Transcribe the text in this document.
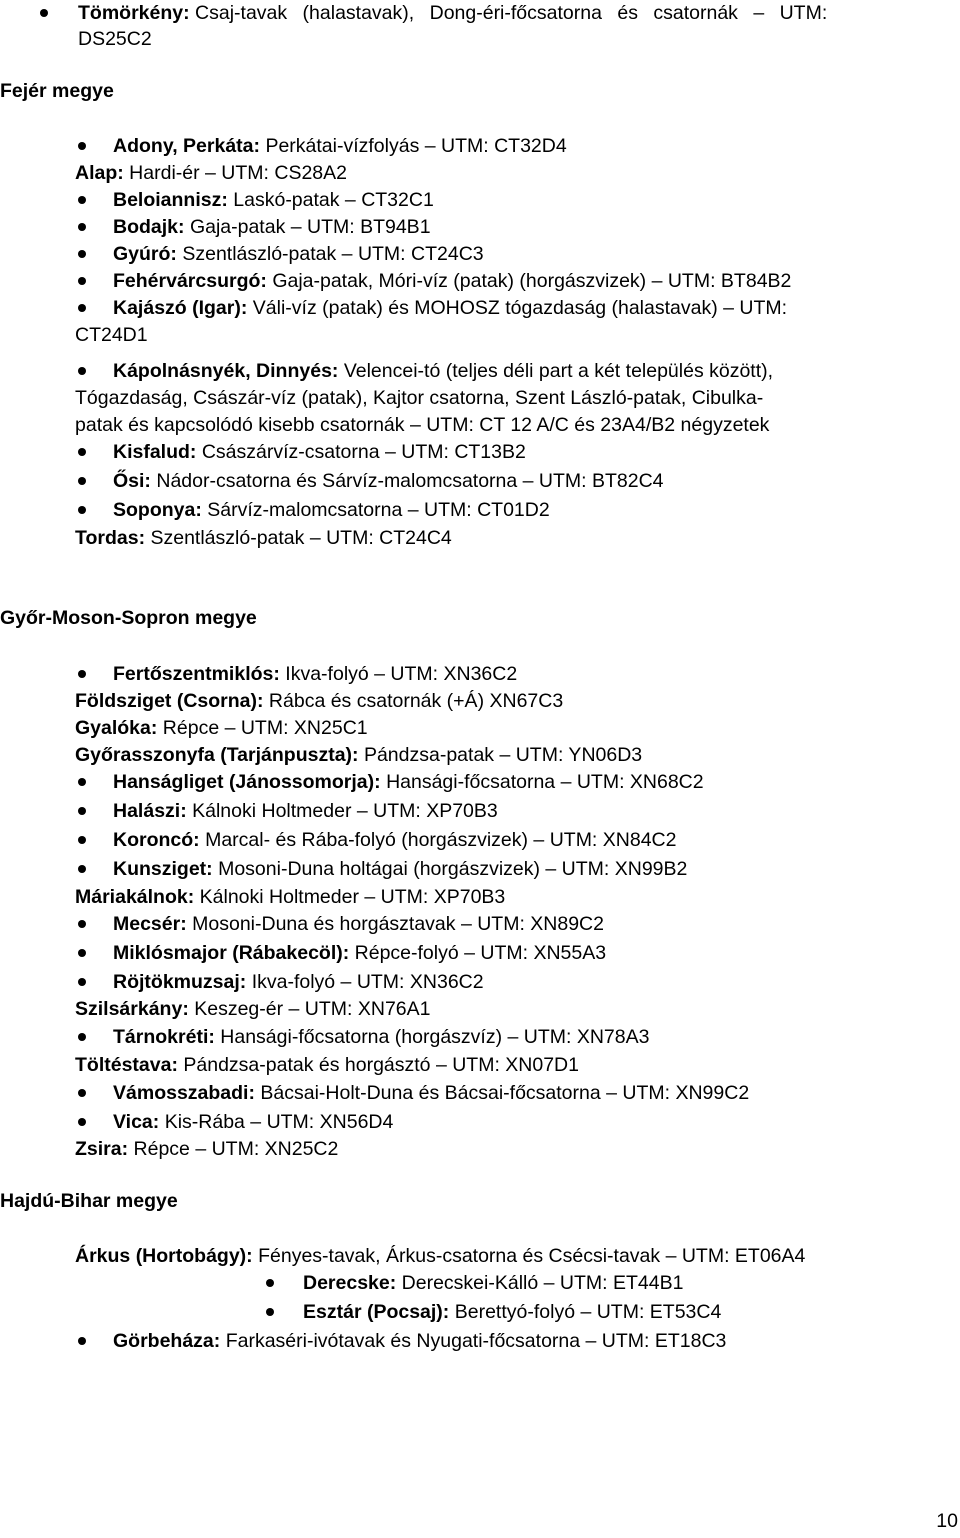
Tömörkény: Csaj-tavak (halastavak), Dong-éri-főcsatorna és csatornák – UTM:
DS25C2
Fejér megye
Adony, Perkáta: Perkátai-vízfolyás – UTM: CT32D4
Alap: Hardi-ér – UTM: CS28A2
Beloiannisz: Laskó-patak – CT32C1
Bodajk: Gaja-patak – UTM: BT94B1
Gyúró: Szentlászló-patak – UTM: CT24C3
Fehérvárcsurgó: Gaja-patak, Móri-víz (patak) (horgászvizek) – UTM: BT84B2
Kajászó (Igar): Váli-víz (patak) és MOHOSZ tógazdaság (halastavak) – UTM:
CT24D1
Kápolnásnyék, Dinnyés: Velencei-tó (teljes déli part a két település között),
Tógazdaság, Császár-víz (patak), Kajtor csatorna, Szent László-patak, Cibulka-
patak és kapcsolódó kisebb csatornák – UTM: CT 12 A/C és 23A4/B2 négyzetek
Kisfalud: Császárvíz-csatorna – UTM: CT13B2
Ősi: Nádor-csatorna és Sárvíz-malomcsatorna – UTM: BT82C4
Soponya: Sárvíz-malomcsatorna – UTM: CT01D2
Tordas: Szentlászló-patak – UTM: CT24C4
Győr-Moson-Sopron megye
Fertőszentmiklós: Ikva-folyó – UTM: XN36C2
Földsziget (Csorna): Rábca és csatornák (+Á) XN67C3
Gyalóka: Répce – UTM: XN25C1
Győrasszonyfa (Tarjánpuszta): Pándzsa-patak – UTM: YN06D3
Hanságliget (Jánossomorja): Hansági-főcsatorna – UTM: XN68C2
Halászi: Kálnoki Holtmeder – UTM: XP70B3
Koroncó: Marcal- és Rába-folyó (horgászvizek) – UTM: XN84C2
Kunsziget: Mosoni-Duna holtágai (horgászvizek) – UTM: XN99B2
Máriakálnok: Kálnoki Holtmeder – UTM: XP70B3
Mecsér: Mosoni-Duna és horgásztavak – UTM: XN89C2
Miklósmajor (Rábakecöl): Répce-folyó – UTM: XN55A3
Röjtökmuzsaj: Ikva-folyó – UTM: XN36C2
Szilsárkány: Keszeg-ér – UTM: XN76A1
Tárnokréti: Hansági-főcsatorna (horgászvíz) – UTM: XN78A3
Töltéstava: Pándzsa-patak és horgásztó – UTM: XN07D1
Vámosszabadi: Bácsai-Holt-Duna és Bácsai-főcsatorna – UTM: XN99C2
Vica: Kis-Rába – UTM: XN56D4
Zsira: Répce – UTM: XN25C2
Hajdú-Bihar megye
Árkus (Hortobágy): Fényes-tavak, Árkus-csatorna és Csécsi-tavak – UTM: ET06A4
Derecske: Derecskei-Kálló – UTM: ET44B1
Esztár (Pocsaj): Berettyó-folyó – UTM: ET53C4
Görbeháza: Farkaséri-ivótavak és Nyugati-főcsatorna – UTM: ET18C3
10
